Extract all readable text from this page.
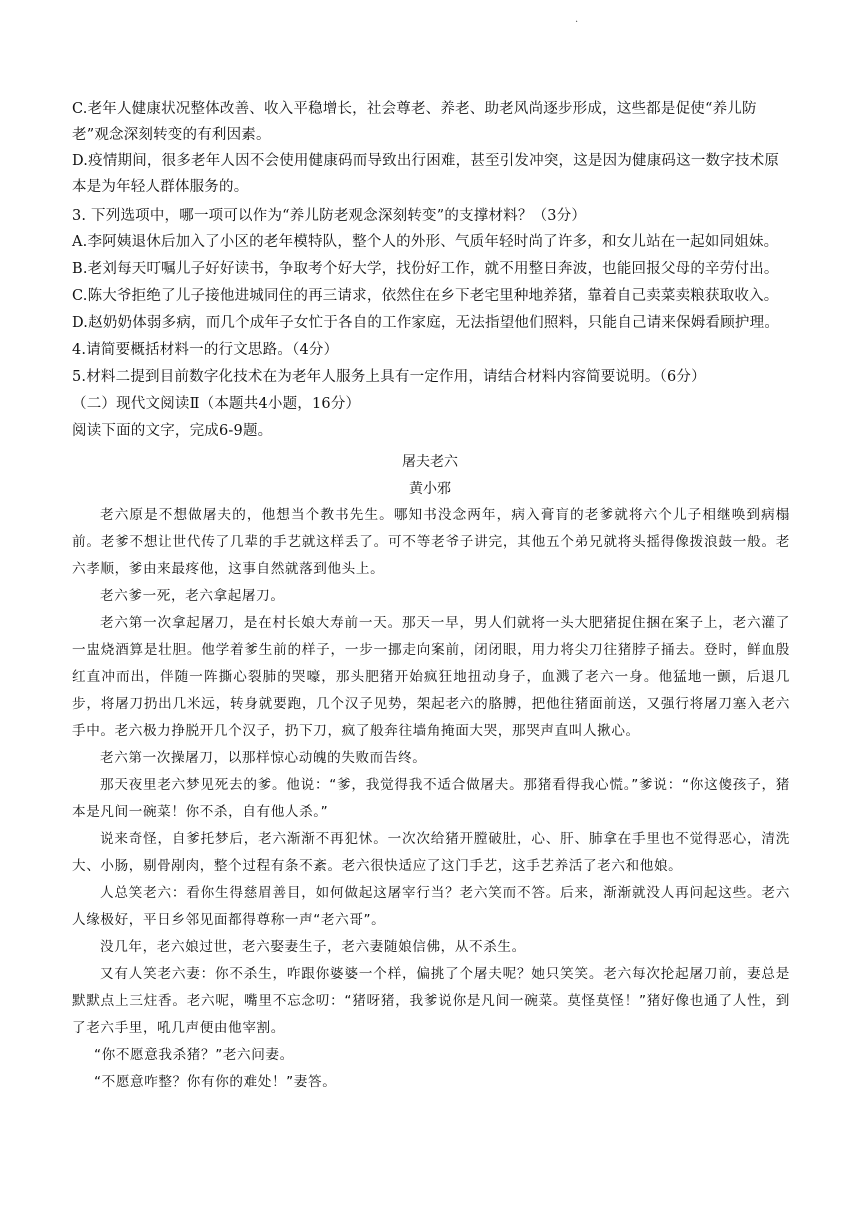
.
C.老年人健康状况整体改善、收入平稳增长，社会尊老、养老、助老风尚逐步形成，这些都是促使“养儿防老”观念深刻转变的有利因素。
D.疫情期间，很多老年人因不会使用健康码而导致出行困难，甚至引发冲突，这是因为健康码这一数字技术原本是为年轻人群体服务的。
3. 下列选项中，哪一项可以作为“养儿防老观念深刻转变”的支撑材料？（3分）
A.李阿姨退休后加入了小区的老年模特队，整个人的外形、气质年轻时尚了许多，和女儿站在一起如同姐妹。
B.老刘每天叮嘱儿子好好读书，争取考个好大学，找份好工作，就不用整日奔波，也能回报父母的辛劳付出。
C.陈大爷拒绝了儿子接他进城同住的再三请求，依然住在乡下老宅里种地养猪，靠着自己卖菜卖粮获取收入。
D.赵奶奶体弱多病，而几个成年子女忙于各自的工作家庭，无法指望他们照料，只能自己请来保姆看顾护理。
4.请简要概括材料一的行文思路。（4分）
5.材料二提到目前数字化技术在为老年人服务上具有一定作用，请结合材料内容简要说明。（6分）
（二）现代文阅读Ⅱ（本题共4小题，16分）
阅读下面的文字，完成6-9题。
屠夫老六
黄小邪
老六原是不想做屠夫的，他想当个教书先生。哪知书没念两年，病入膏肓的老爹就将六个儿子相继唤到病榻前。老爹不想让世代传了几辈的手艺就这样丢了。可不等老爷子讲完，其他五个弟兄就将头摇得像拨浪鼓一般。老六孝顺，爹由来最疼他，这事自然就落到他头上。
老六爹一死，老六拿起屠刀。
老六第一次拿起屠刀，是在村长娘大寿前一天。那天一早，男人们就将一头大肥猪捉住捆在案子上，老六灌了一盅烧酒算是壮胆。他学着爹生前的样子，一步一挪走向案前，闭闭眼，用力将尖刀往猪脖子捅去。登时，鲜血殷红直冲而出，伴随一阵撕心裂肺的哭嚎，那头肥猪开始疯狂地扭动身子，血溅了老六一身。他猛地一颤，后退几步，将屠刀扔出几米远，转身就要跑，几个汉子见势，架起老六的胳膊，把他往猪面前送，又强行将屠刀塞入老六手中。老六极力挣脱开几个汉子，扔下刀，疯了般奔往墙角掩面大哭，那哭声直叫人揪心。
老六第一次操屠刀，以那样惊心动魄的失败而告终。
那天夜里老六梦见死去的爹。他说：“爹，我觉得我不适合做屠夫。那猪看得我心慌。”爹说：“你这傻孩子，猪本是凡间一碗菜！你不杀，自有他人杀。”
说来奇怪，自爹托梦后，老六渐渐不再犯怵。一次次给猪开膛破肚，心、肝、肺拿在手里也不觉得恶心，清洗大、小肠，剔骨剐肉，整个过程有条不紊。老六很快适应了这门手艺，这手艺养活了老六和他娘。
人总笑老六：看你生得慈眉善目，如何做起这屠宰行当？老六笑而不答。后来，渐渐就没人再问起这些。老六人缘极好，平日乡邻见面都得尊称一声“老六哥”。
没几年，老六娘过世，老六娶妻生子，老六妻随娘信佛，从不杀生。
又有人笑老六妻：你不杀生，咋跟你婆婆一个样，偏挑了个屠夫呢？她只笑笑。老六每次抡起屠刀前，妻总是默默点上三炷香。老六呢，嘴里不忘念叨：“猪呀猪，我爹说你是凡间一碗菜。莫怪莫怪！”猪好像也通了人性，到了老六手里，吼几声便由他宰割。
“你不愿意我杀猪？”老六问妻。
“不愿意咋整？你有你的难处！”妻答。
